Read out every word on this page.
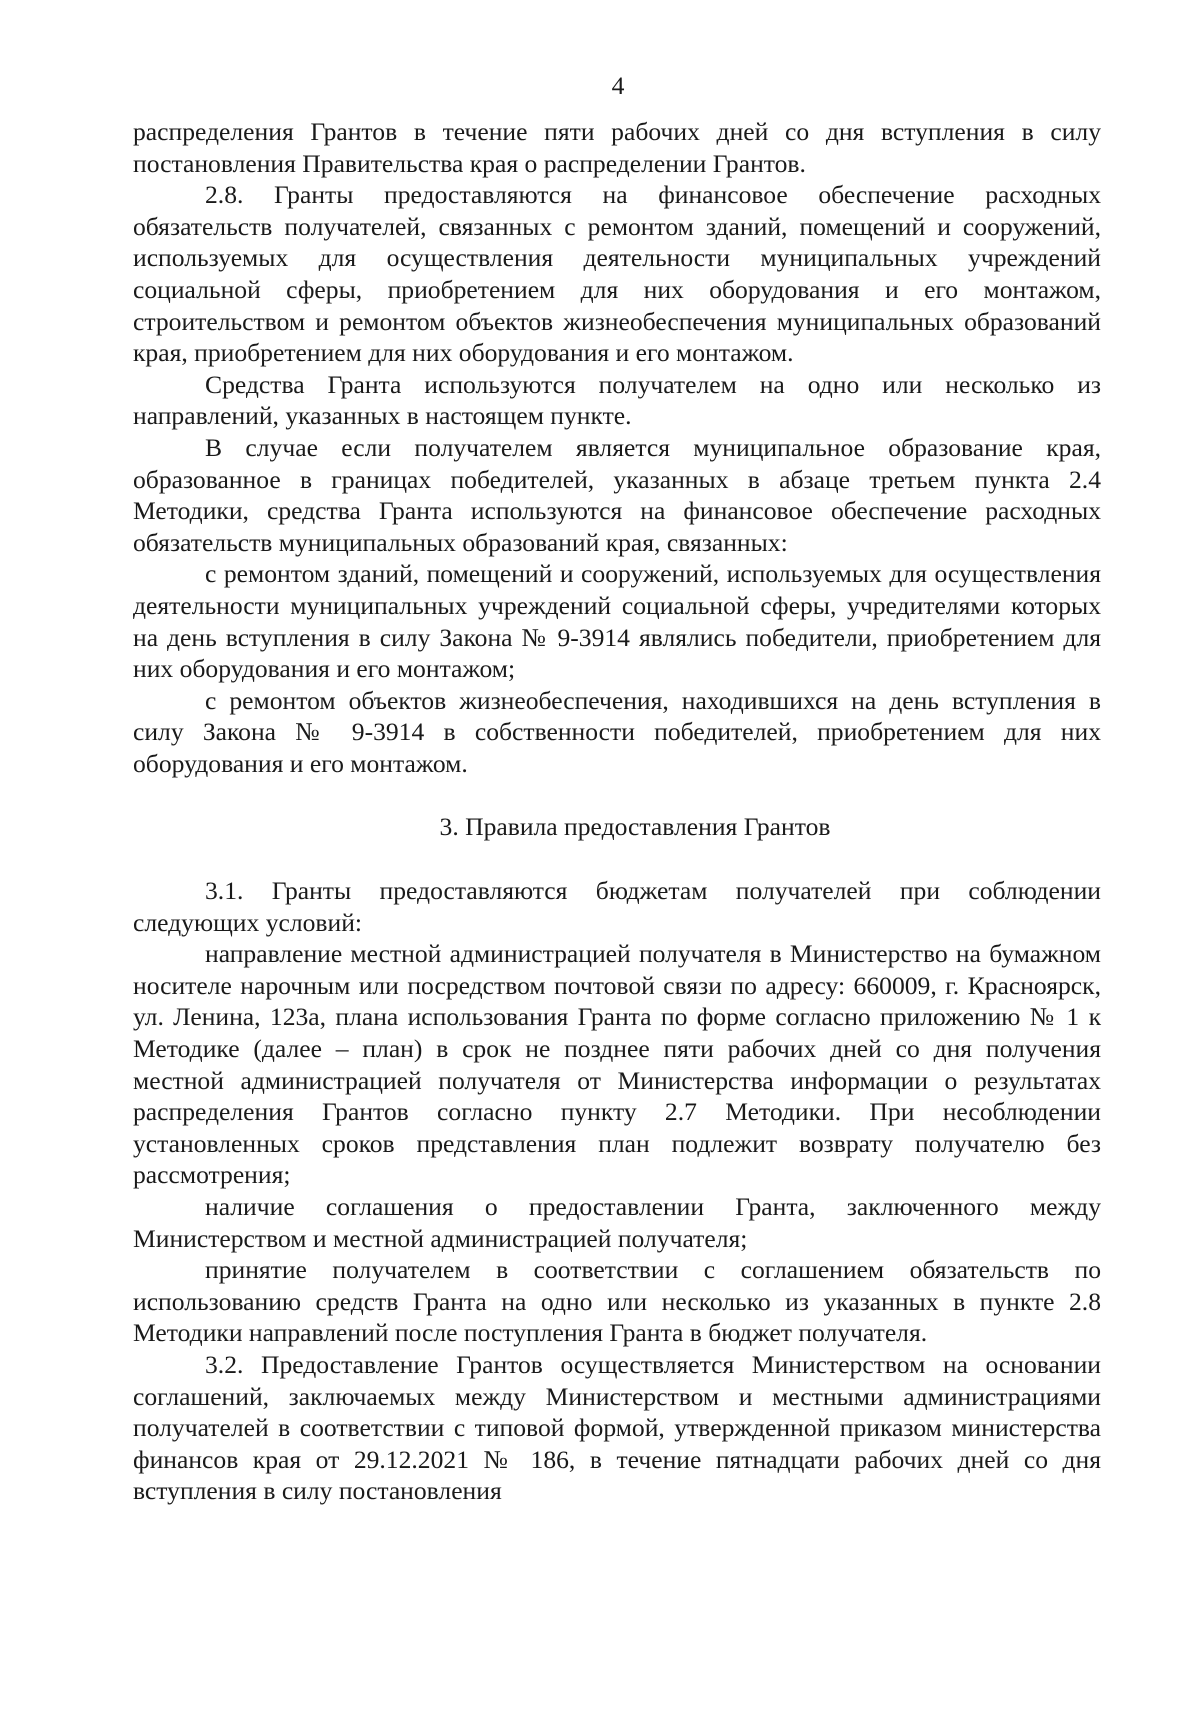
4

распределения Грантов в течение пяти рабочих дней со дня вступления в силу постановления Правительства края о распределении Грантов.

2.8. Гранты предоставляются на финансовое обеспечение расходных обязательств получателей, связанных с ремонтом зданий, помещений и сооружений, используемых для осуществления деятельности муниципальных учреждений социальной сферы, приобретением для них оборудования и его монтажом, строительством и ремонтом объектов жизнеобеспечения муниципальных образований края, приобретением для них оборудования и его монтажом.

Средства Гранта используются получателем на одно или несколько из направлений, указанных в настоящем пункте.

В случае если получателем является муниципальное образование края, образованное в границах победителей, указанных в абзаце третьем пункта 2.4 Методики, средства Гранта используются на финансовое обеспечение расходных обязательств муниципальных образований края, связанных:

с ремонтом зданий, помещений и сооружений, используемых для осуществления деятельности муниципальных учреждений социальной сферы, учредителями которых на день вступления в силу Закона № 9-3914 являлись победители, приобретением для них оборудования и его монтажом;

с ремонтом объектов жизнеобеспечения, находившихся на день вступления в силу Закона № 9-3914 в собственности победителей, приобретением для них оборудования и его монтажом.

3. Правила предоставления Грантов

3.1. Гранты предоставляются бюджетам получателей при соблюдении следующих условий:

направление местной администрацией получателя в Министерство на бумажном носителе нарочным или посредством почтовой связи по адресу: 660009, г. Красноярск, ул. Ленина, 123а, плана использования Гранта по форме согласно приложению № 1 к Методике (далее – план) в срок не позднее пяти рабочих дней со дня получения местной администрацией получателя от Министерства информации о результатах распределения Грантов согласно пункту 2.7 Методики. При несоблюдении установленных сроков представления план подлежит возврату получателю без рассмотрения;

наличие соглашения о предоставлении Гранта, заключенного между Министерством и местной администрацией получателя;

принятие получателем в соответствии с соглашением обязательств по использованию средств Гранта на одно или несколько из указанных в пункте 2.8 Методики направлений после поступления Гранта в бюджет получателя.

3.2. Предоставление Грантов осуществляется Министерством на основании соглашений, заключаемых между Министерством и местными администрациями получателей в соответствии с типовой формой, утвержденной приказом министерства финансов края от 29.12.2021 № 186, в течение пятнадцати рабочих дней со дня вступления в силу постановления
